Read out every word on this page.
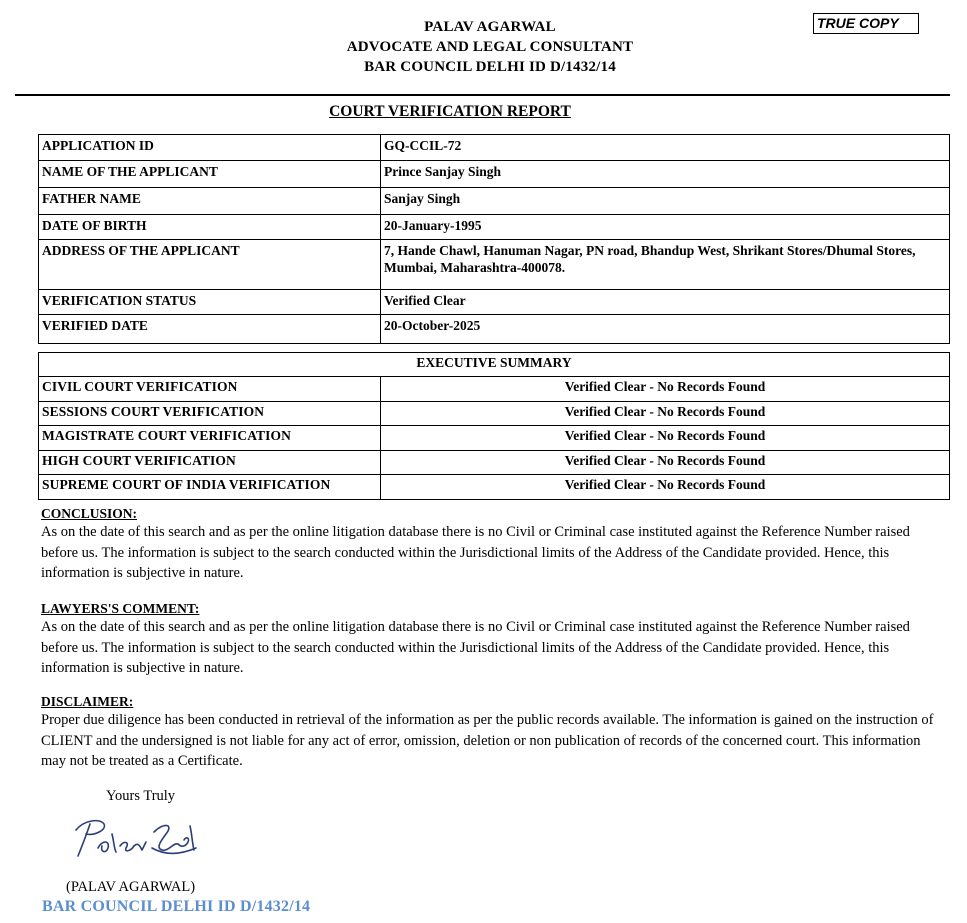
PALAV AGARWAL
ADVOCATE AND LEGAL CONSULTANT
BAR COUNCIL DELHI ID D/1432/14
TRUE COPY
COURT VERIFICATION REPORT
APPLICATION ID	GQ-CCIL-72
NAME OF THE APPLICANT	Prince Sanjay Singh
FATHER NAME	Sanjay Singh
DATE OF BIRTH	20-January-1995
ADDRESS OF THE APPLICANT	7, Hande Chawl, Hanuman Nagar, PN road, Bhandup West, Shrikant Stores/Dhumal Stores, Mumbai, Maharashtra-400078.
VERIFICATION STATUS	Verified Clear
VERIFIED DATE	20-October-2025
EXECUTIVE SUMMARY	
CIVIL COURT VERIFICATION	Verified Clear - No Records Found
SESSIONS COURT VERIFICATION	Verified Clear - No Records Found
MAGISTRATE COURT VERIFICATION	Verified Clear - No Records Found
HIGH COURT VERIFICATION	Verified Clear - No Records Found
SUPREME COURT OF INDIA VERIFICATION	Verified Clear - No Records Found
CONCLUSION:
As on the date of this search and as per the online litigation database there is no Civil or Criminal case instituted against the Reference Number raised before us. The information is subject to the search conducted within the Jurisdictional limits of the Address of the Candidate provided. Hence, this information is subjective in nature.
LAWYERS'S COMMENT:
As on the date of this search and as per the online litigation database there is no Civil or Criminal case instituted against the Reference Number raised before us. The information is subject to the search conducted within the Jurisdictional limits of the Address of the Candidate provided. Hence, this information is subjective in nature.
DISCLAIMER:
Proper due diligence has been conducted in retrieval of the information as per the public records available. The information is gained on the instruction of CLIENT and the undersigned is not liable for any act of error, omission, deletion or non publication of records of the concerned court. This information may not be treated as a Certificate.
Yours Truly
(PALAV AGARWAL)
BAR COUNCIL DELHI ID D/1432/14
